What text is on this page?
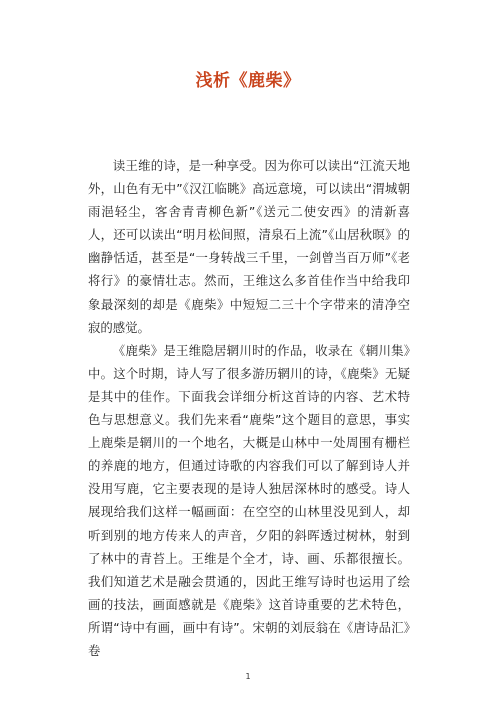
浅析《鹿柴》

读王维的诗，是一种享受。因为你可以读出“江流天地外，山色有无中”《汉江临眺》高远意境，可以读出“渭城朝雨浥轻尘，客舍青青柳色新”《送元二使安西》的清新喜人，还可以读出“明月松间照，清泉石上流”《山居秋暝》的幽静恬适，甚至是“一身转战三千里，一剑曾当百万师”《老将行》的豪情壮志。然而，王维这么多首佳作当中给我印象最深刻的却是《鹿柴》中短短二三十个字带来的清净空寂的感觉。

《鹿柴》是王维隐居辋川时的作品，收录在《辋川集》中。这个时期，诗人写了很多游历辋川的诗，《鹿柴》无疑是其中的佳作。下面我会详细分析这首诗的内容、艺术特色与思想意义。我们先来看“鹿柴”这个题目的意思，事实上鹿柴是辋川的一个地名，大概是山林中一处周围有栅栏的养鹿的地方，但通过诗歌的内容我们可以了解到诗人并没用写鹿，它主要表现的是诗人独居深林时的感受。诗人展现给我们这样一幅画面：在空空的山林里没见到人，却听到别的地方传来人的声音，夕阳的斜晖透过树林，射到了林中的青苔上。王维是个全才，诗、画、乐都很擅长。我们知道艺术是融会贯通的，因此王维写诗时也运用了绘画的技法，画面感就是《鹿柴》这首诗重要的艺术特色，所谓“诗中有画，画中有诗”。宋朝的刘辰翁在《唐诗品汇》卷

1
